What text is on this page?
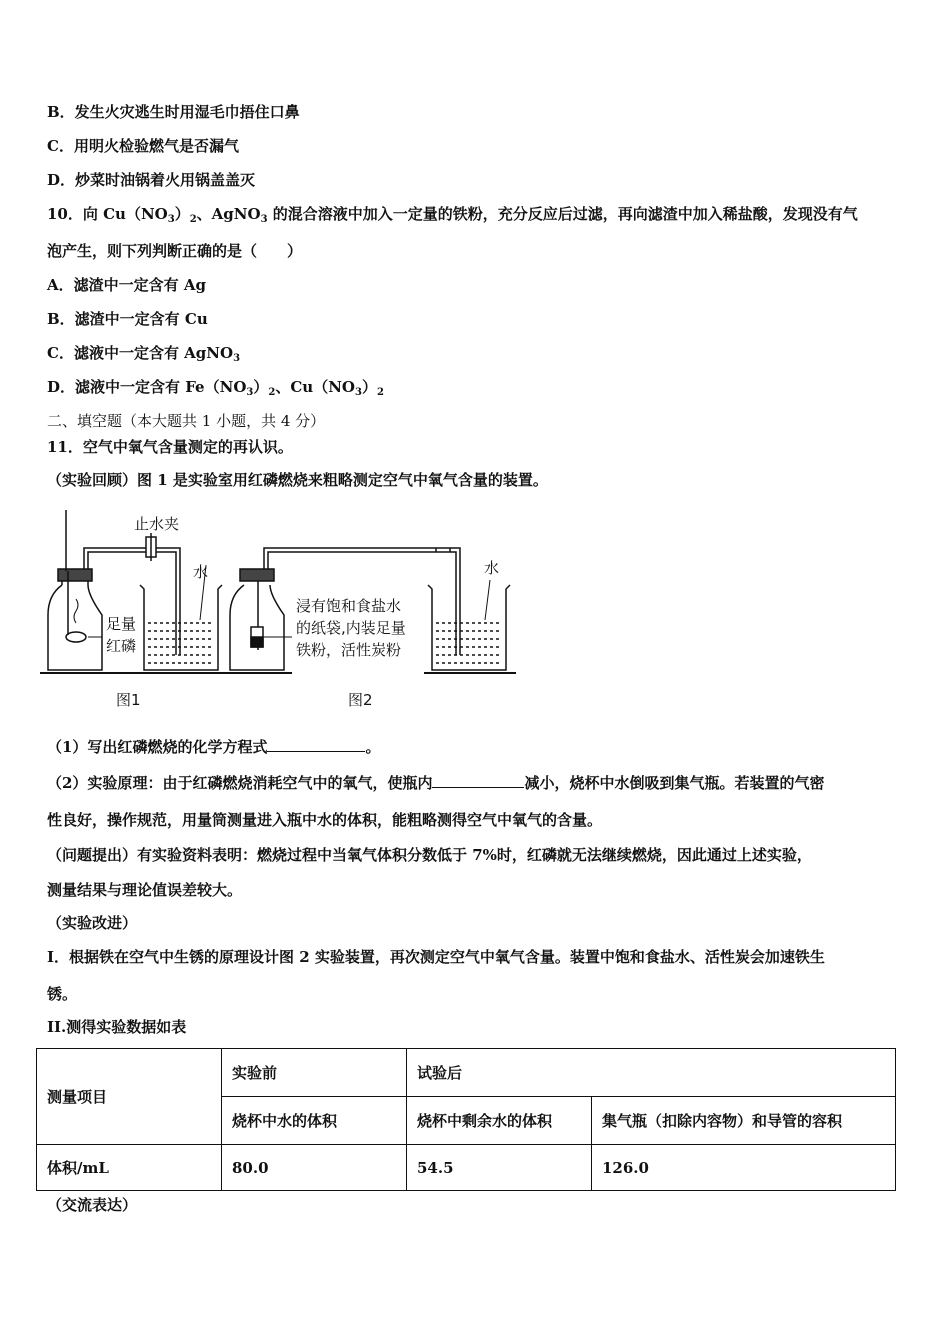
B．发生火灾逃生时用湿毛巾捂住口鼻
C．用明火检验燃气是否漏气
D．炒菜时油锅着火用锅盖盖灭
10．向 $Cu(NO_3)_2$、AgNO$_3$ 的混合溶液中加入一定量的铁粉，充分反应后过滤，再向滤渣中加入稀盐酸，发现没有气
泡产生，则下列判断正确的是（　　）
A．滤渣中一定含有 Ag
B．滤渣中一定含有 Cu
C．滤液中一定含有 AgNO$_3$
D．滤液中一定含有 $Fe(NO_3)_2$、$Cu(NO_3)_2$
二、填空题（本大题共 1 小题，共 4 分）
11．空气中氧气含量测定的再认识。
（实验回顾）图 1 是实验室用红磷燃烧来粗略测定空气中氧气含量的装置。
止水夹
水
足量
红磷
水
浸有饱和食盐水
的纸袋,内装足量
铁粉，活性炭粉
图1	图2
（1）写出红磷燃烧的化学方程式	。
（2）实验原理：由于红磷燃烧消耗空气中的氧气，使瓶内	减小，烧杯中水倒吸到集气瓶。若装置的气密
性良好，操作规范，用量筒测量进入瓶中水的体积，能粗略测得空气中氧气的含量。
（问题提出）有实验资料表明：燃烧过程中当氧气体积分数低于 7%时，红磷就无法继续燃烧，因此通过上述实验，
测量结果与理论值误差较大。
（实验改进）
I．根据铁在空气中生锈的原理设计图 2 实验装置，再次测定空气中氧气含量。装置中饱和食盐水、活性炭会加速铁生
锈。
II.测得实验数据如表
测量项目	实验前	试验后	
	烧杯中水的体积	烧杯中剩余水的体积	集气瓶（扣除内容物）和导管的容积
体积/mL	80.0	54.5	126.0
（交流表达）
